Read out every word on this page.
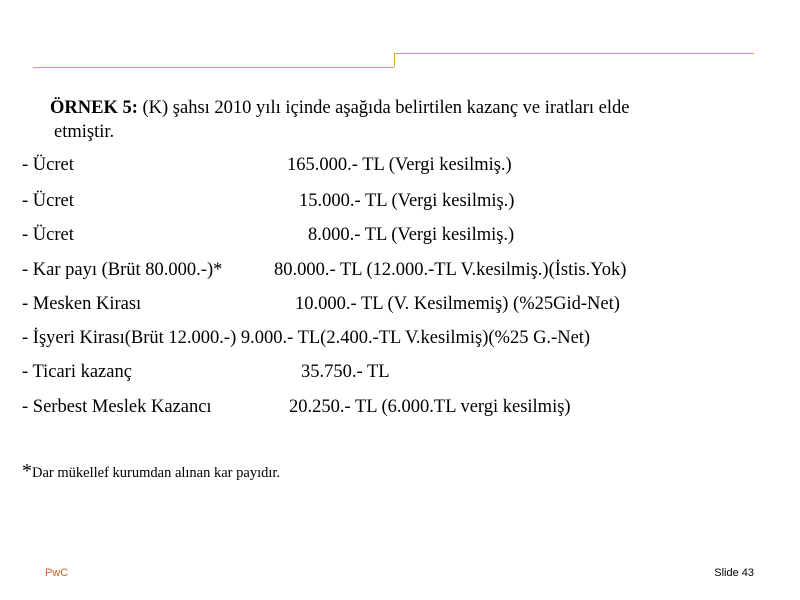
ÖRNEK 5: (K) şahsı 2010 yılı içinde aşağıda belirtilen kazanç ve iratları elde
etmiştir.
- Ücret	165.000.- TL (Vergi kesilmiş.)
- Ücret	15.000.- TL (Vergi kesilmiş.)
- Ücret	8.000.- TL (Vergi kesilmiş.)
- Kar payı (Brüt 80.000.-)*	80.000.- TL (12.000.-TL V.kesilmiş.)(İstis.Yok)
- Mesken Kirası	10.000.- TL (V. Kesilmemiş) (%25Gid-Net)
- İşyeri Kirası(Brüt 12.000.-) 9.000.- TL(2.400.-TL V.kesilmiş)(%25 G.-Net)
- Ticari kazanç	35.750.- TL
- Serbest Meslek Kazancı	20.250.- TL (6.000.TL vergi kesilmiş)
*Dar mükellef kurumdan alınan kar payıdır.
PwC	Slide 43
